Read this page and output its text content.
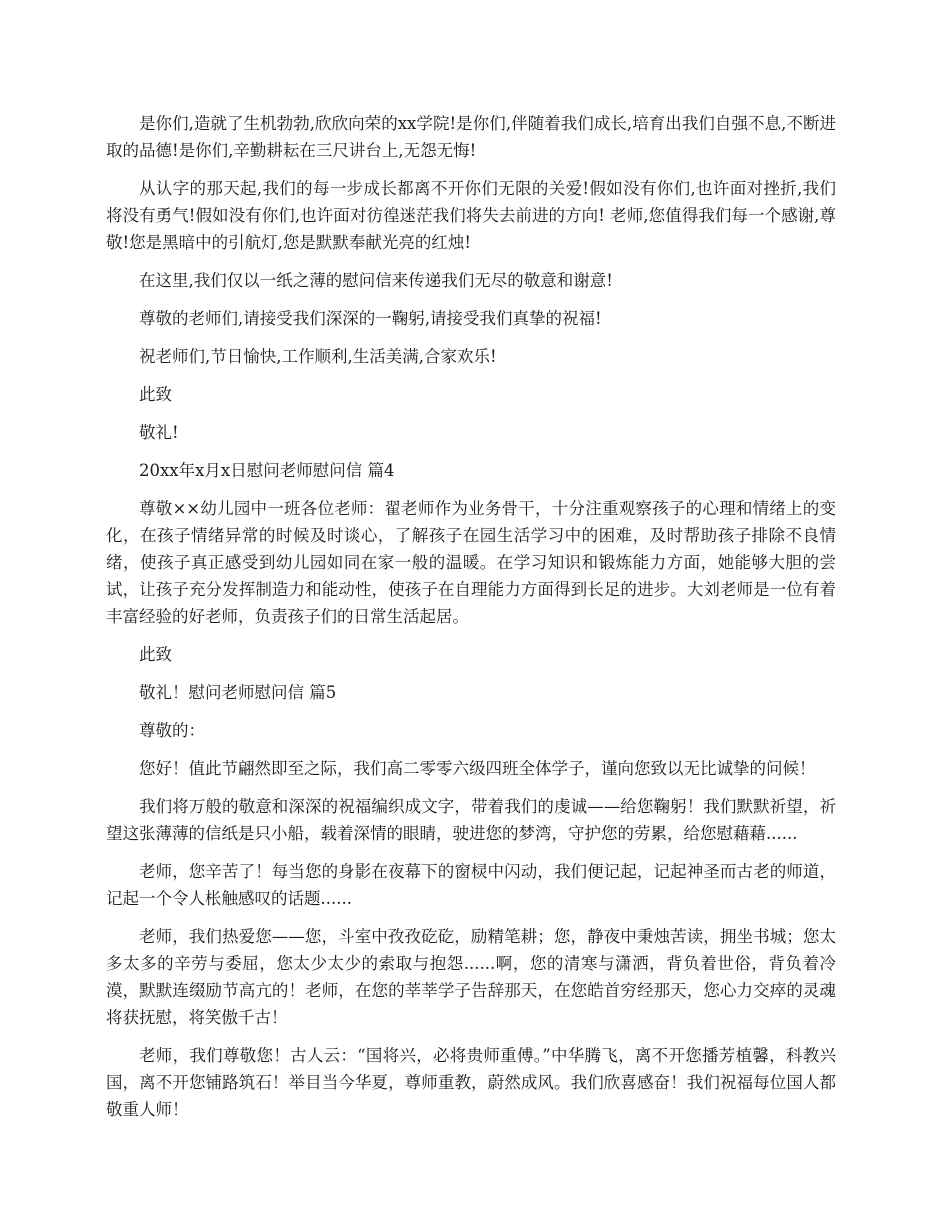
是你们,造就了生机勃勃,欣欣向荣的xx学院!是你们,伴随着我们成长,培育出我们自强不息,不断进取的品德!是你们,辛勤耕耘在三尺讲台上,无怨无悔!

从认字的那天起,我们的每一步成长都离不开你们无限的关爱!假如没有你们,也许面对挫折,我们将没有勇气!假如没有你们,也许面对彷徨迷茫我们将失去前进的方向! 老师,您值得我们每一个感谢,尊敬!您是黑暗中的引航灯,您是默默奉献光亮的红烛!

在这里,我们仅以一纸之薄的慰问信来传递我们无尽的敬意和谢意!

尊敬的老师们,请接受我们深深的一鞠躬,请接受我们真挚的祝福!

祝老师们,节日愉快,工作顺利,生活美满,合家欢乐!

此致

敬礼!

20xx年x月x日慰问老师慰问信 篇4

尊敬××幼儿园中一班各位老师：翟老师作为业务骨干，十分注重观察孩子的心理和情绪上的变化，在孩子情绪异常的时候及时谈心，了解孩子在园生活学习中的困难，及时帮助孩子排除不良情绪，使孩子真正感受到幼儿园如同在家一般的温暖。在学习知识和锻炼能力方面，她能够大胆的尝试，让孩子充分发挥制造力和能动性，使孩子在自理能力方面得到长足的进步。大刘老师是一位有着丰富经验的好老师，负责孩子们的日常生活起居。

此致

敬礼！慰问老师慰问信 篇5

尊敬的：

您好！值此节翩然即至之际，我们高二零零六级四班全体学子，谨向您致以无比诚挚的问候！

我们将万般的敬意和深深的祝福编织成文字，带着我们的虔诚——给您鞠躬！我们默默祈望，祈望这张薄薄的信纸是只小船，载着深情的眼睛，驶进您的梦湾，守护您的劳累，给您慰藉藉......

老师，您辛苦了！每当您的身影在夜幕下的窗棂中闪动，我们便记起，记起神圣而古老的师道，记起一个令人枨触感叹的话题......

老师，我们热爱您——您，斗室中孜孜矻矻，励精笔耕；您，静夜中秉烛苦读，拥坐书城；您太多太多的辛劳与委屈，您太少太少的索取与抱怨......啊，您的清寒与潇洒，背负着世俗，背负着冷漠，默默连缀励节高亢的！老师，在您的莘莘学子告辞那天，在您皓首穷经那天，您心力交瘁的灵魂将获抚慰，将笑傲千古！

老师，我们尊敬您！古人云：“国将兴，必将贵师重傅。”中华腾飞，离不开您播芳植馨，科教兴国，离不开您铺路筑石！举目当今华夏，尊师重教，蔚然成风。我们欣喜感奋！我们祝福每位国人都敬重人师！
